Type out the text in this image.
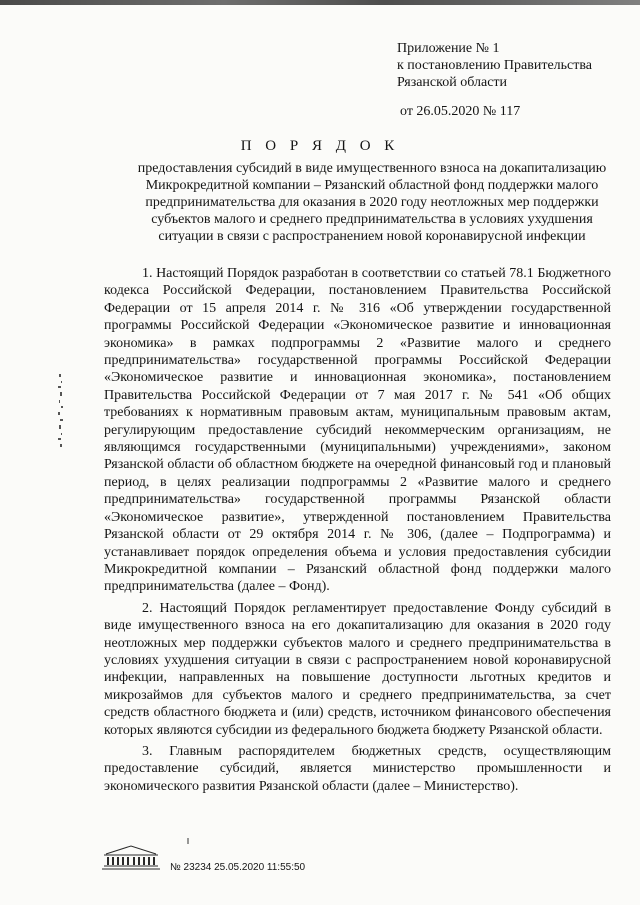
Приложение № 1
к постановлению Правительства
Рязанской области
от 26.05.2020 № 117
П О Р Я Д О К
предоставления субсидий в виде имущественного взноса на докапитализацию
Микрокредитной компании – Рязанский областной фонд поддержки малого
предпринимательства для оказания в 2020 году неотложных мер поддержки
субъектов малого и среднего предпринимательства в условиях ухудшения
ситуации в связи с распространением новой коронавирусной инфекции

1. Настоящий Порядок разработан в соответствии со статьей 78.1 Бюджетного кодекса Российской Федерации, постановлением Правительства Российской Федерации от 15 апреля 2014 г. № 316 «Об утверждении государственной программы Российской Федерации «Экономическое развитие и инновационная экономика» в рамках подпрограммы 2 «Развитие малого и среднего предпринимательства» государственной программы Российской Федерации «Экономическое развитие и инновационная экономика», постановлением Правительства Российской Федерации от 7 мая 2017 г. № 541 «Об общих требованиях к нормативным правовым актам, муниципальным правовым актам, регулирующим предоставление субсидий некоммерческим организациям, не являющимся государственными (муниципальными) учреждениями», законом Рязанской области об областном бюджете на очередной финансовый год и плановый период, в целях реализации подпрограммы 2 «Развитие малого и среднего предпринимательства» государственной программы Рязанской области «Экономическое развитие», утвержденной постановлением Правительства Рязанской области от 29 октября 2014 г. № 306, (далее – Подпрограмма) и устанавливает порядок определения объема и условия предоставления субсидии Микрокредитной компании – Рязанский областной фонд поддержки малого предпринимательства (далее – Фонд).

2. Настоящий Порядок регламентирует предоставление Фонду субсидий в виде имущественного взноса на его докапитализацию для оказания в 2020 году неотложных мер поддержки субъектов малого и среднего предпринимательства в условиях ухудшения ситуации в связи с распространением новой коронавирусной инфекции, направленных на повышение доступности льготных кредитов и микрозаймов для субъектов малого и среднего предпринимательства, за счет средств областного бюджета и (или) средств, источником финансового обеспечения которых являются субсидии из федерального бюджета бюджету Рязанской области.

3. Главным распорядителем бюджетных средств, осуществляющим предоставление субсидий, является министерство промышленности и экономического развития Рязанской области (далее – Министерство).

№ 23234 25.05.2020 11:55:50
